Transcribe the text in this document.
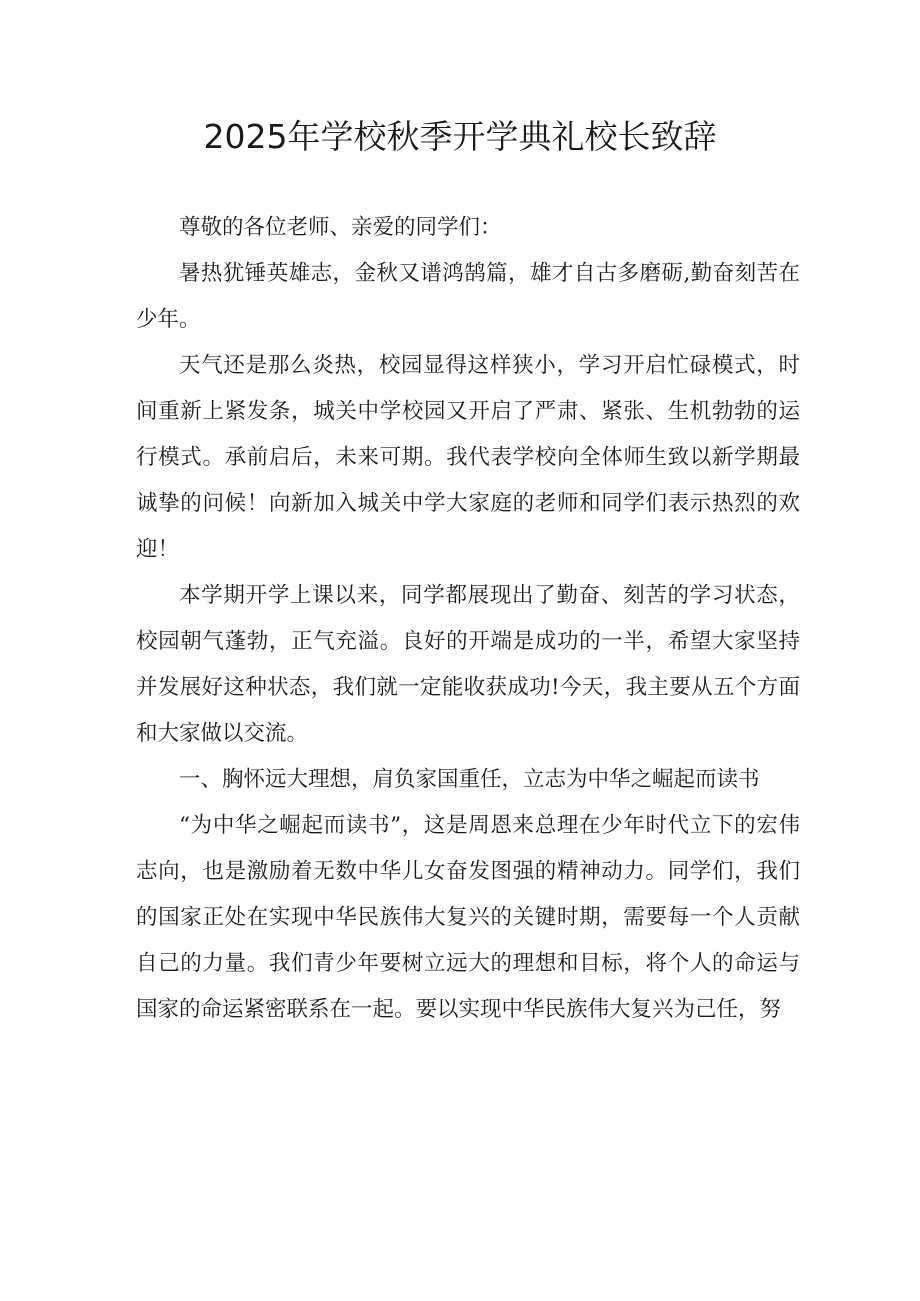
2025年学校秋季开学典礼校长致辞

尊敬的各位老师、亲爱的同学们：

暑热犹锤英雄志，金秋又谱鸿鹄篇，雄才自古多磨砺,勤奋刻苦在少年。

天气还是那么炎热，校园显得这样狭小，学习开启忙碌模式，时间重新上紧发条，城关中学校园又开启了严肃、紧张、生机勃勃的运行模式。承前启后，未来可期。我代表学校向全体师生致以新学期最诚挚的问候！向新加入城关中学大家庭的老师和同学们表示热烈的欢迎！

本学期开学上课以来，同学都展现出了勤奋、刻苦的学习状态，校园朝气蓬勃，正气充溢。良好的开端是成功的一半，希望大家坚持并发展好这种状态，我们就一定能收获成功!今天，我主要从五个方面和大家做以交流。

一、胸怀远大理想，肩负家国重任，立志为中华之崛起而读书

“为中华之崛起而读书”，这是周恩来总理在少年时代立下的宏伟志向，也是激励着无数中华儿女奋发图强的精神动力。同学们，我们的国家正处在实现中华民族伟大复兴的关键时期，需要每一个人贡献自己的力量。我们青少年要树立远大的理想和目标，将个人的命运与国家的命运紧密联系在一起。要以实现中华民族伟大复兴为己任，努
